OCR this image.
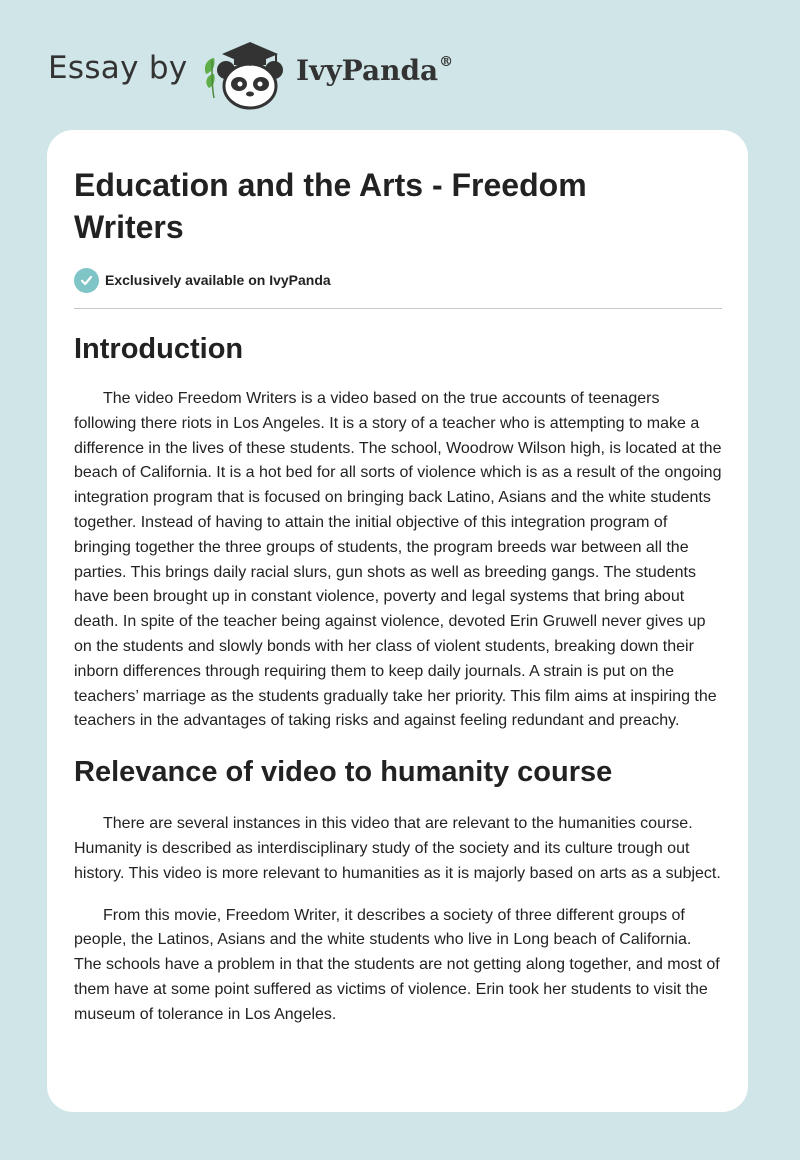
Essay by	IvyPanda®
Education and the Arts - Freedom Writers
Exclusively available on IvyPanda
Introduction

The video Freedom Writers is a video based on the true accounts of teenagers following there riots in Los Angeles. It is a story of a teacher who is attempting to make a difference in the lives of these students. The school, Woodrow Wilson high, is located at the beach of California. It is a hot bed for all sorts of violence which is as a result of the ongoing integration program that is focused on bringing back Latino, Asians and the white students together. Instead of having to attain the initial objective of this integration program of bringing together the three groups of students, the program breeds war between all the parties. This brings daily racial slurs, gun shots as well as breeding gangs. The students have been brought up in constant violence, poverty and legal systems that bring about death. In spite of the teacher being against violence, devoted Erin Gruwell never gives up on the students and slowly bonds with her class of violent students, breaking down their inborn differences through requiring them to keep daily journals. A strain is put on the teachers’ marriage as the students gradually take her priority. This film aims at inspiring the teachers in the advantages of taking risks and against feeling redundant and preachy.

Relevance of video to humanity course

There are several instances in this video that are relevant to the humanities course. Humanity is described as interdisciplinary study of the society and its culture trough out history. This video is more relevant to humanities as it is majorly based on arts as a subject.

From this movie, Freedom Writer, it describes a society of three different groups of people, the Latinos, Asians and the white students who live in Long beach of California. The schools have a problem in that the students are not getting along together, and most of them have at some point suffered as victims of violence. Erin took her students to visit the museum of tolerance in Los Angeles.
